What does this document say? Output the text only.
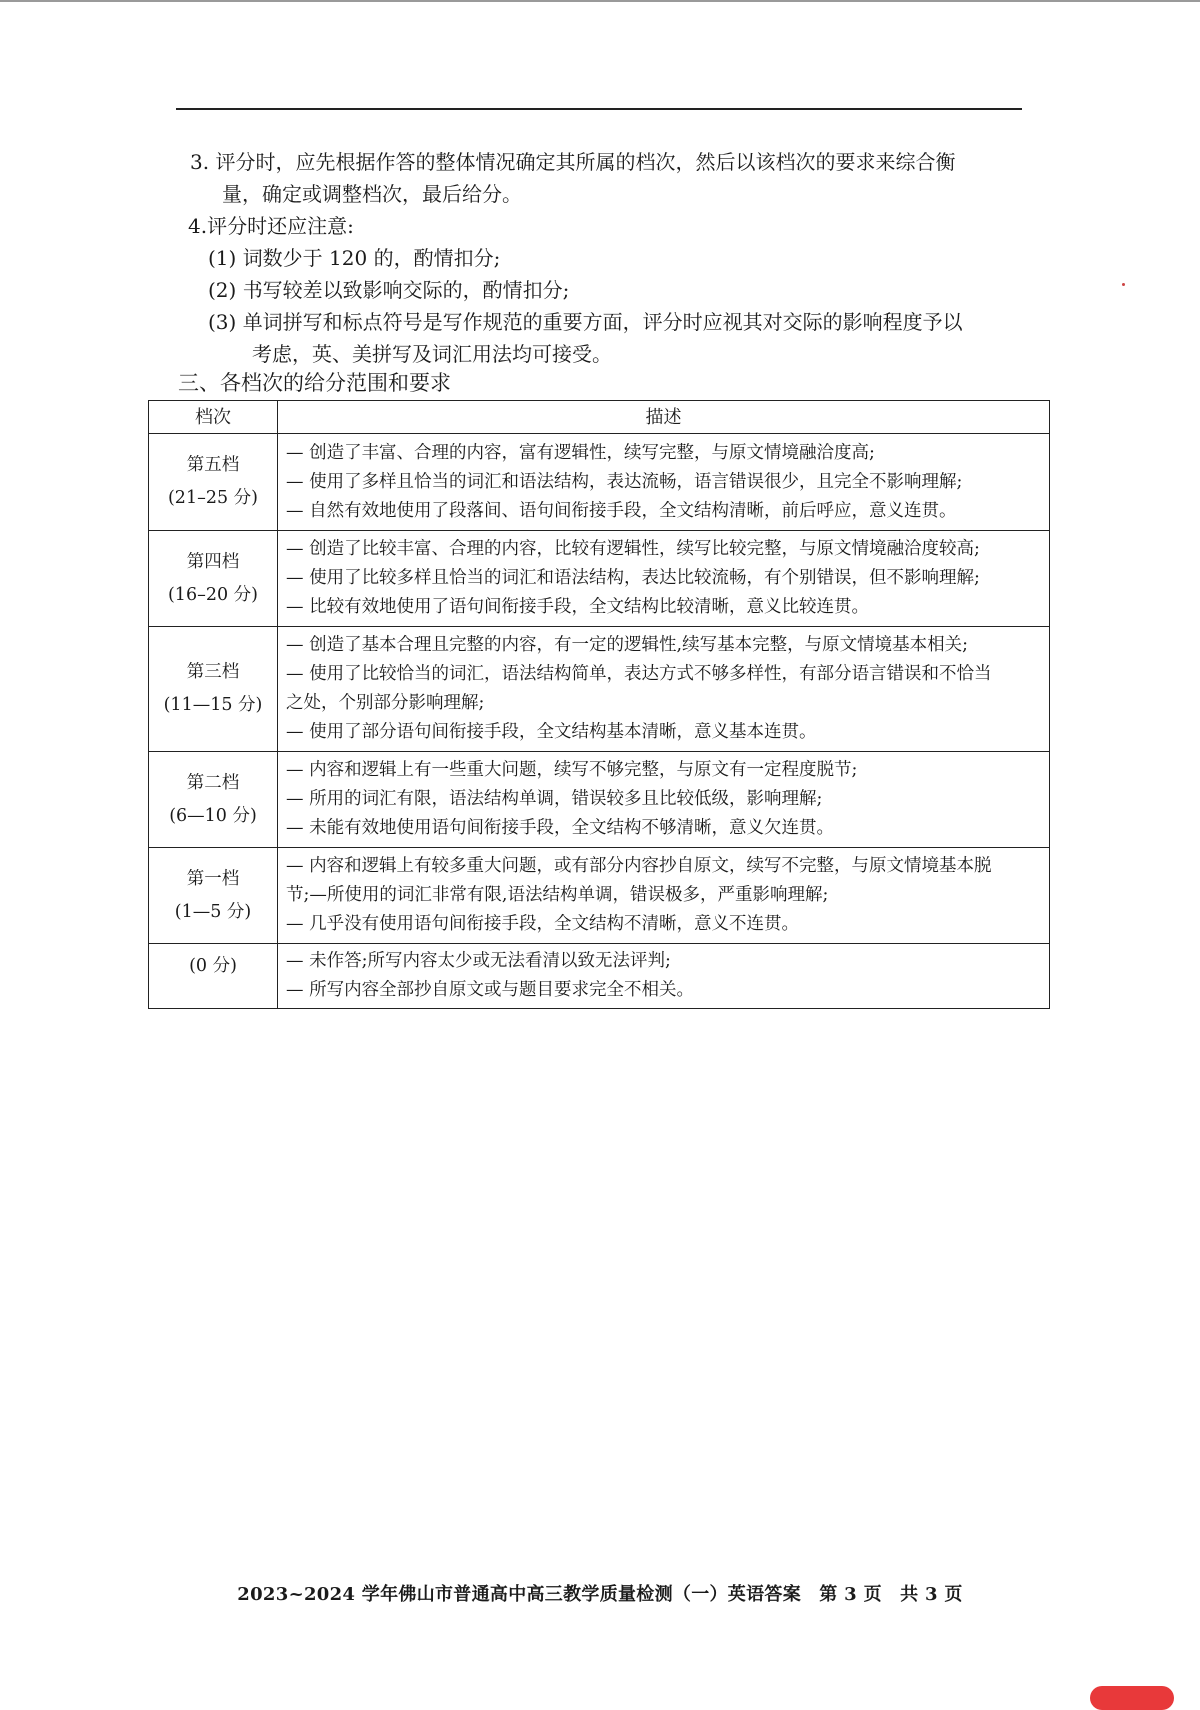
3. 评分时，应先根据作答的整体情况确定其所属的档次，然后以该档次的要求来综合衡

量，确定或调整档次，最后给分。

4.评分时还应注意:

(1) 词数少于 120 的，酌情扣分;

(2) 书写较差以致影响交际的，酌情扣分;

(3) 单词拼写和标点符号是写作规范的重要方面，评分时应视其对交际的影响程度予以

考虑，英、美拼写及词汇用法均可接受。

三、各档次的给分范围和要求
档次	描述

第五档
(21–25 分)	— 创造了丰富、合理的内容，富有逻辑性，续写完整，与原文情境融洽度高;
— 使用了多样且恰当的词汇和语法结构，表达流畅，语言错误很少，且完全不影响理解;
— 自然有效地使用了段落间、语句间衔接手段，全文结构清晰，前后呼应，意义连贯。

第四档
(16–20 分)	— 创造了比较丰富、合理的内容，比较有逻辑性，续写比较完整，与原文情境融洽度较高;
— 使用了比较多样且恰当的词汇和语法结构，表达比较流畅，有个别错误，但不影响理解;
— 比较有效地使用了语句间衔接手段，全文结构比较清晰，意义比较连贯。

第三档
(11—15 分)	— 创造了基本合理且完整的内容，有一定的逻辑性,续写基本完整，与原文情境基本相关;
— 使用了比较恰当的词汇，语法结构简单，表达方式不够多样性，有部分语言错误和不恰当
之处，个别部分影响理解;
— 使用了部分语句间衔接手段，全文结构基本清晰，意义基本连贯。

第二档
(6—10 分)	— 内容和逻辑上有一些重大问题，续写不够完整，与原文有一定程度脱节;
— 所用的词汇有限，语法结构单调，错误较多且比较低级，影响理解;
— 未能有效地使用语句间衔接手段，全文结构不够清晰，意义欠连贯。

第一档
(1—5 分)	— 内容和逻辑上有较多重大问题，或有部分内容抄自原文，续写不完整，与原文情境基本脱
节;—所使用的词汇非常有限,语法结构单调，错误极多，严重影响理解;
— 几乎没有使用语句间衔接手段，全文结构不清晰，意义不连贯。

(0 分)	— 未作答;所写内容太少或无法看清以致无法评判;
— 所写内容全部抄自原文或与题目要求完全不相关。
2023~2024 学年佛山市普通高中高三教学质量检测（一）英语答案　第 3 页　共 3 页
